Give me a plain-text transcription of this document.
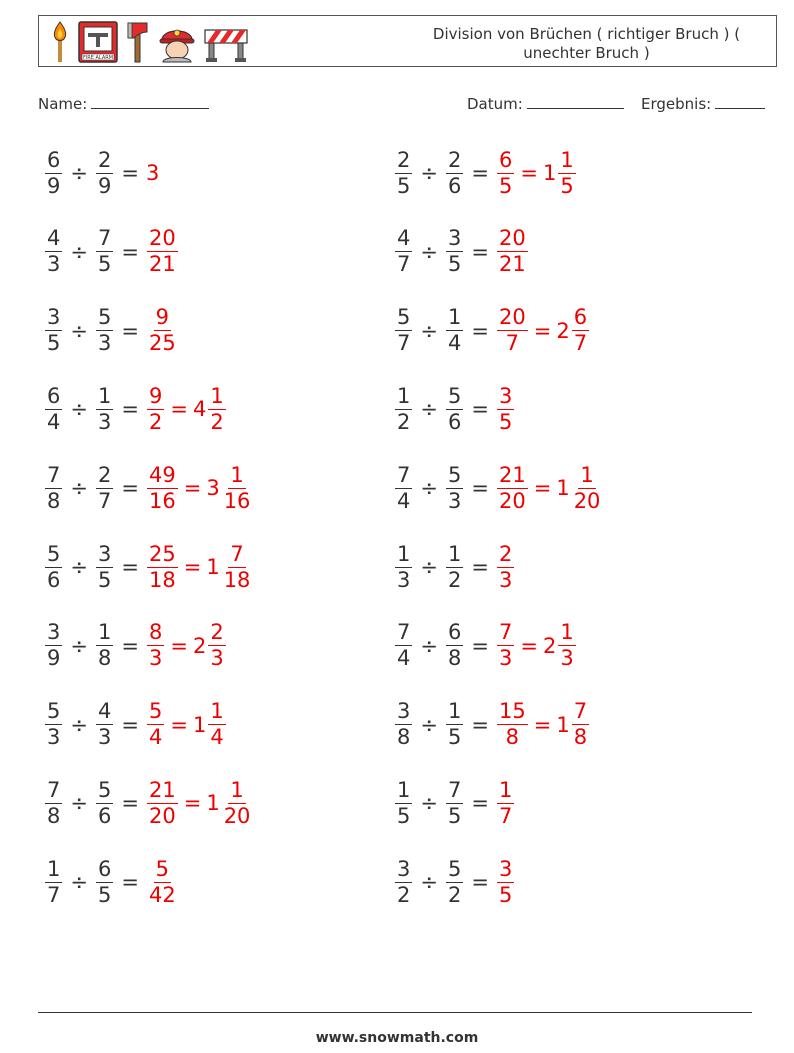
FIRE ALARM
Division von Brüchen ( richtiger Bruch ) ( unechter Bruch )
Name:	Datum:	Ergebnis:
$\frac{6}{9} \div \frac{2}{9} = 3$	$\frac{2}{5} \div \frac{2}{6} = \frac{6}{5} = 1 \frac{1}{5}$
$\frac{4}{3} \div \frac{7}{5} = \frac{20}{21}$	$\frac{4}{7} \div \frac{3}{5} = \frac{20}{21}$
$\frac{3}{5} \div \frac{5}{3} = \frac{9}{25}$	$\frac{5}{7} \div \frac{1}{4} = \frac{20}{7} = 2 \frac{6}{7}$
$\frac{6}{4} \div \frac{1}{3} = \frac{9}{2} = 4 \frac{1}{2}$	$\frac{1}{2} \div \frac{5}{6} = \frac{3}{5}$
$\frac{7}{8} \div \frac{2}{7} = \frac{49}{16} = 3 \frac{1}{16}$	$\frac{7}{4} \div \frac{5}{3} = \frac{21}{20} = 1 \frac{1}{20}$
$\frac{5}{6} \div \frac{3}{5} = \frac{25}{18} = 1 \frac{7}{18}$	$\frac{1}{3} \div \frac{1}{2} = \frac{2}{3}$
$\frac{3}{9} \div \frac{1}{8} = \frac{8}{3} = 2 \frac{2}{3}$	$\frac{7}{4} \div \frac{6}{8} = \frac{7}{3} = 2 \frac{1}{3}$
$\frac{5}{3} \div \frac{4}{3} = \frac{5}{4} = 1 \frac{1}{4}$	$\frac{3}{8} \div \frac{1}{5} = \frac{15}{8} = 1 \frac{7}{8}$
$\frac{7}{8} \div \frac{5}{6} = \frac{21}{20} = 1 \frac{1}{20}$	$\frac{1}{5} \div \frac{7}{5} = \frac{1}{7}$
$\frac{1}{7} \div \frac{6}{5} = \frac{5}{42}$	$\frac{3}{2} \div \frac{5}{2} = \frac{3}{5}$
www.snowmath.com
